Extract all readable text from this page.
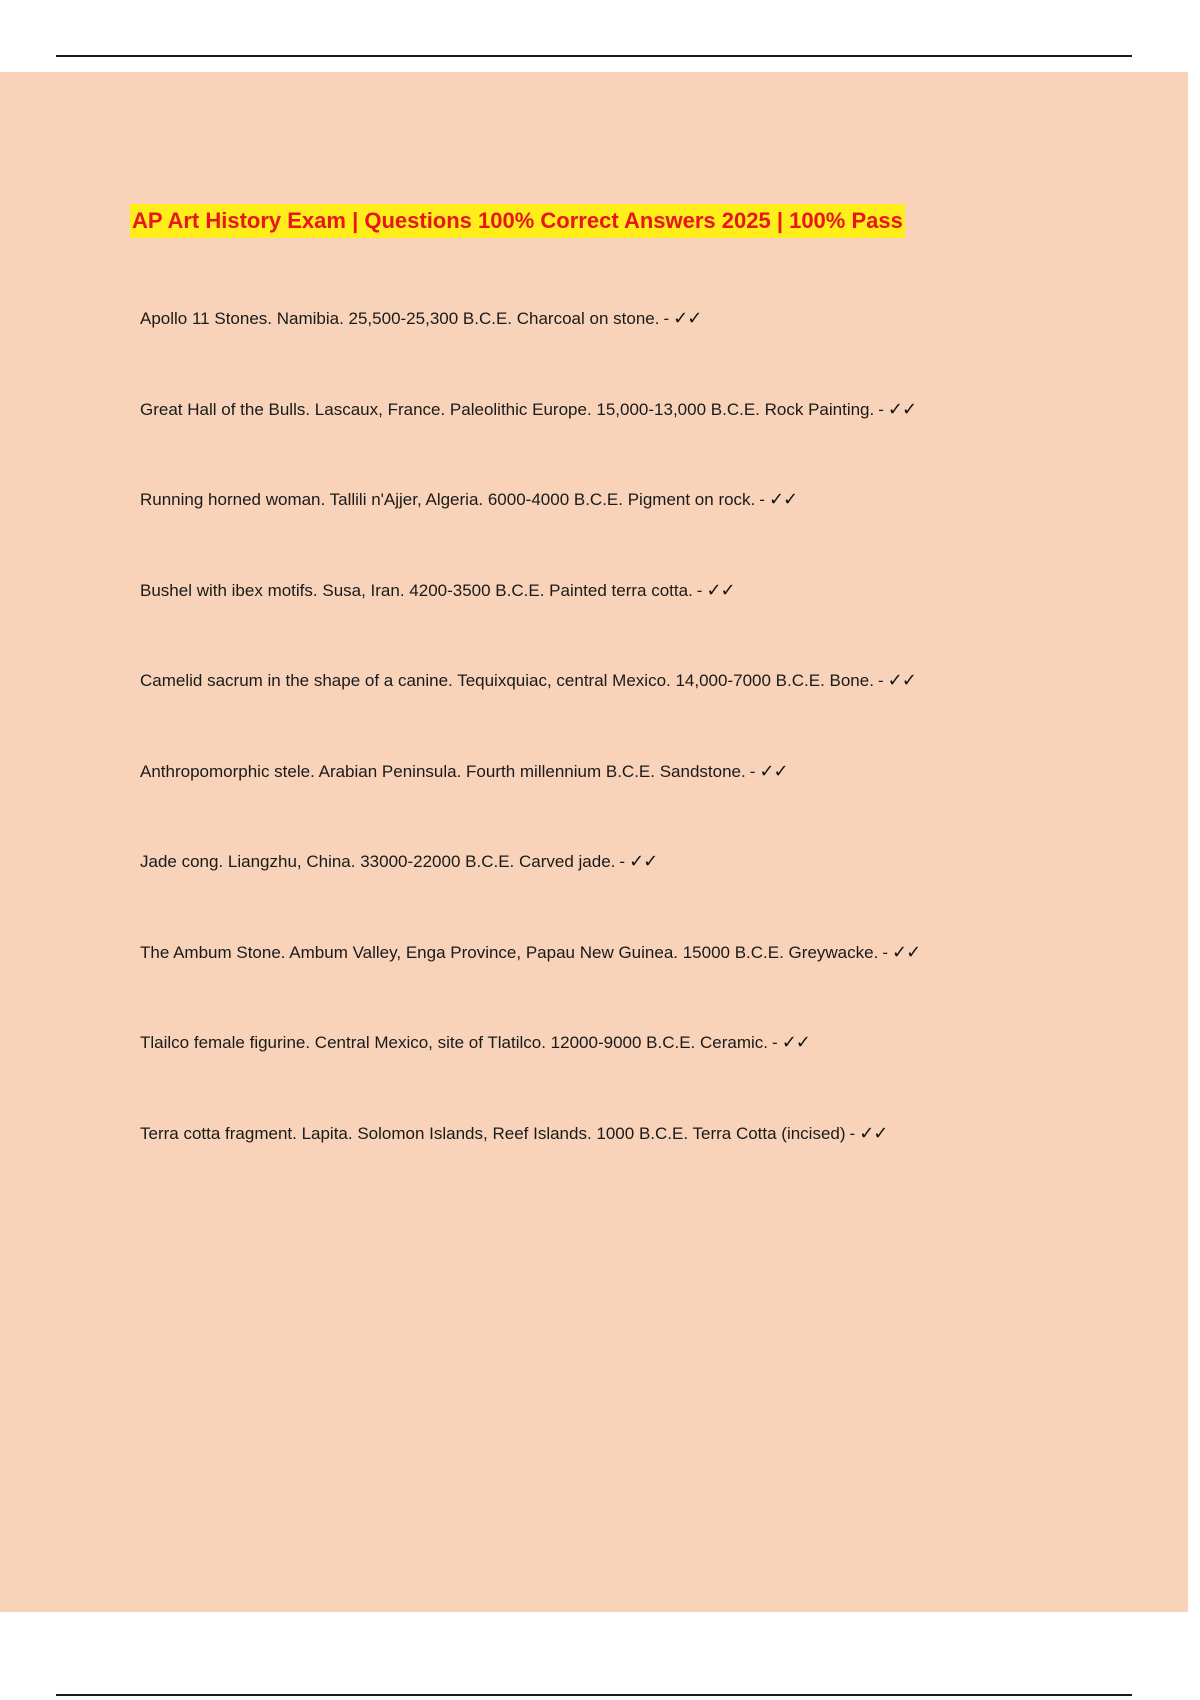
AP Art History Exam | Questions 100% Correct Answers 2025 | 100% Pass
Apollo 11 Stones. Namibia. 25,500-25,300 B.C.E. Charcoal on stone. - ✓✓
Great Hall of the Bulls. Lascaux, France. Paleolithic Europe. 15,000-13,000 B.C.E. Rock Painting. - ✓✓
Running horned woman. Tallili n'Ajjer, Algeria. 6000-4000 B.C.E. Pigment on rock. - ✓✓
Bushel with ibex motifs. Susa, Iran. 4200-3500 B.C.E. Painted terra cotta. - ✓✓
Camelid sacrum in the shape of a canine. Tequixquiac, central Mexico. 14,000-7000 B.C.E. Bone. - ✓✓
Anthropomorphic stele. Arabian Peninsula. Fourth millennium B.C.E. Sandstone. - ✓✓
Jade cong. Liangzhu, China. 33000-22000 B.C.E. Carved jade. - ✓✓
The Ambum Stone. Ambum Valley, Enga Province, Papau New Guinea. 15000 B.C.E. Greywacke. - ✓✓
Tlailco female figurine. Central Mexico, site of Tlatilco. 12000-9000 B.C.E. Ceramic. - ✓✓
Terra cotta fragment. Lapita. Solomon Islands, Reef Islands. 1000 B.C.E. Terra Cotta (incised) - ✓✓
